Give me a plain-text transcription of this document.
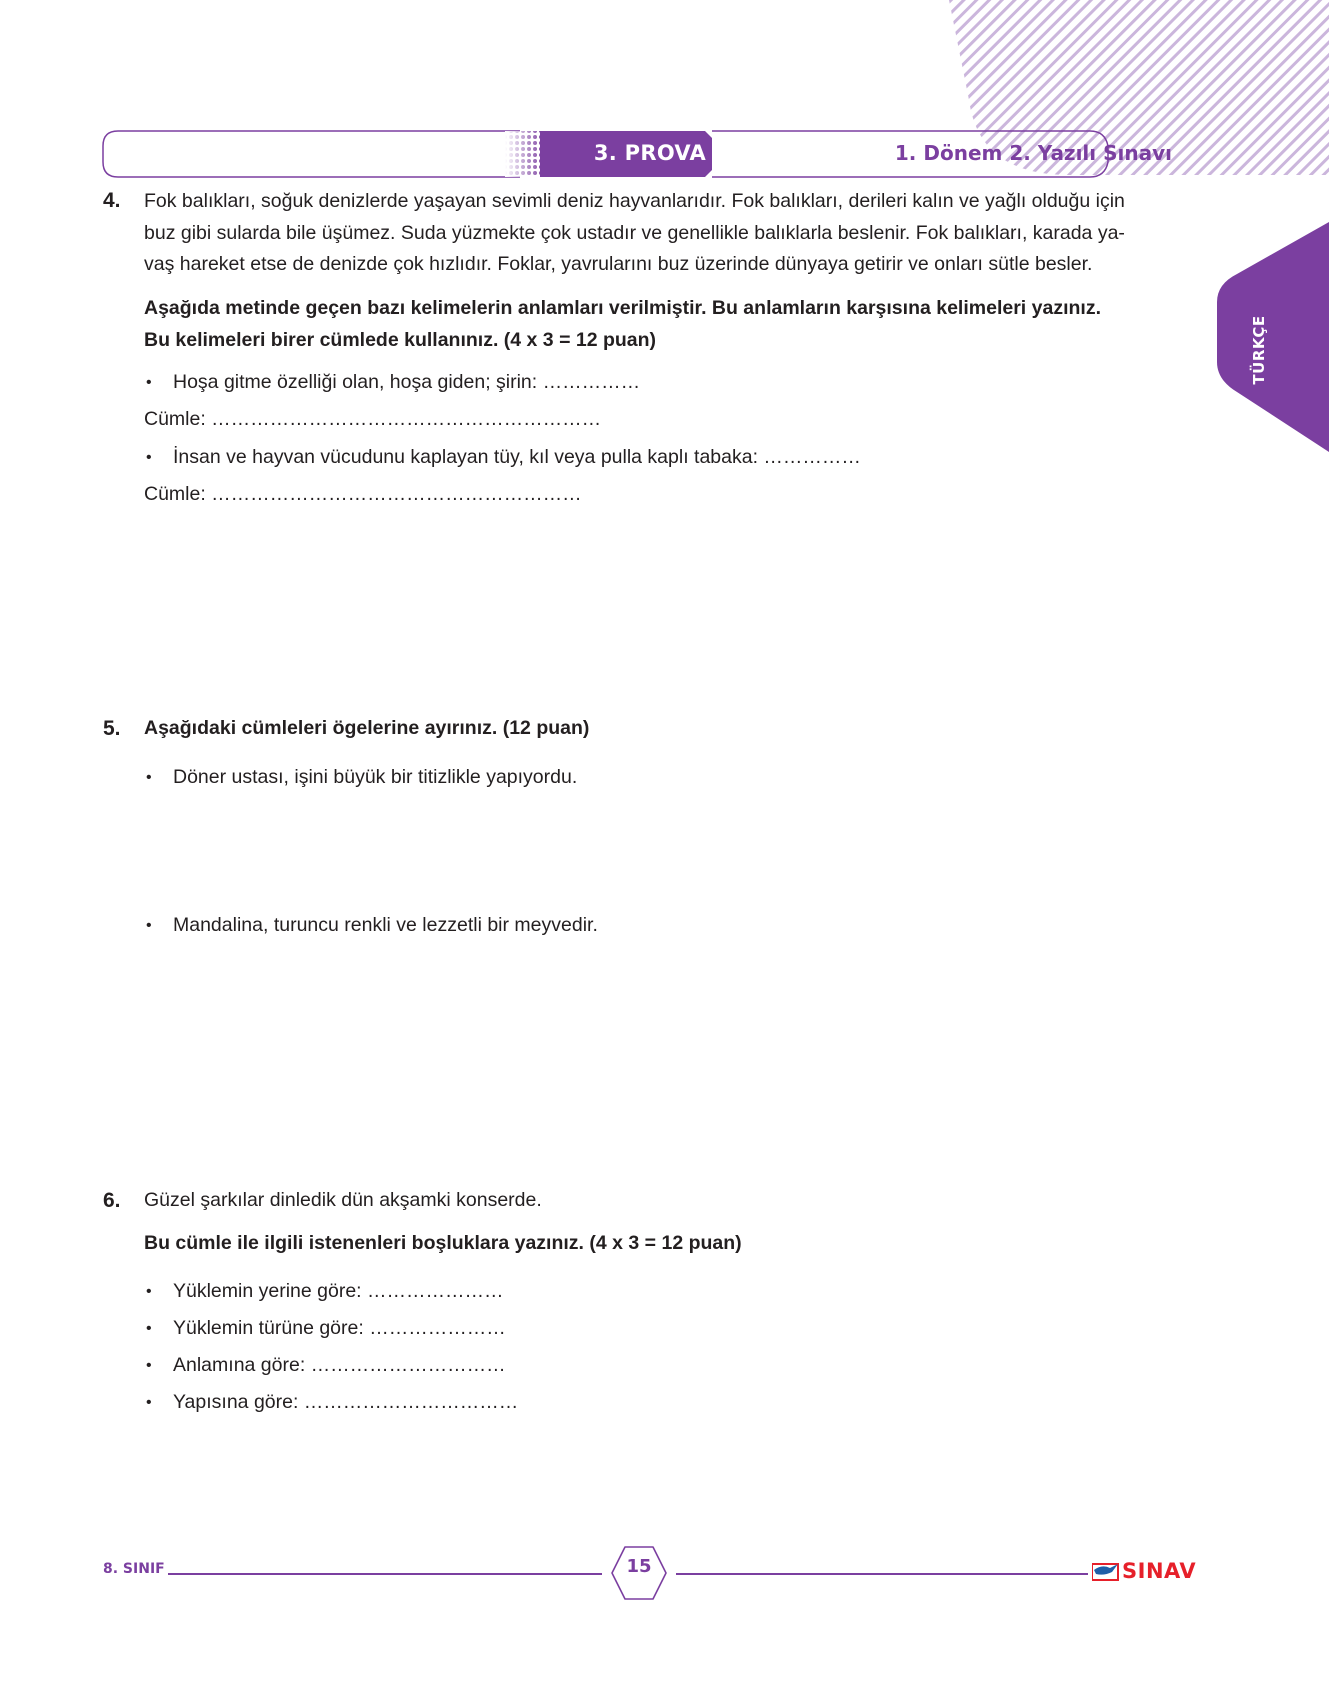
3. PROVA	1. Dönem 2. Yazılı Sınavı
TÜRKÇE
4. Fok balıkları, soğuk denizlerde yaşayan sevimli deniz hayvanlarıdır. Fok balıkları, derileri kalın ve yağlı olduğu için
buz gibi sularda bile üşümez. Suda yüzmekte çok ustadır ve genellikle balıklarla beslenir. Fok balıkları, karada ya-
vaş hareket etse de denizde çok hızlıdır. Foklar, yavrularını buz üzerinde dünyaya getirir ve onları sütle besler.
Aşağıda metinde geçen bazı kelimelerin anlamları verilmiştir. Bu anlamların karşısına kelimeleri yazınız.
Bu kelimeleri birer cümlede kullanınız. (4 x 3 = 12 puan)
• Hoşa gitme özelliği olan, hoşa giden; şirin: ……………
Cümle: ……………………………………………………
• İnsan ve hayvan vücudunu kaplayan tüy, kıl veya pulla kaplı tabaka: ……………
Cümle: …………………………………………………
5. Aşağıdaki cümleleri ögelerine ayırınız. (12 puan)
• Döner ustası, işini büyük bir titizlikle yapıyordu.
• Mandalina, turuncu renkli ve lezzetli bir meyvedir.
6. Güzel şarkılar dinledik dün akşamki konserde.
Bu cümle ile ilgili istenenleri boşluklara yazınız. (4 x 3 = 12 puan)
• Yüklemin yerine göre: …………………
• Yüklemin türüne göre: …………………
• Anlamına göre: …………………………
• Yapısına göre: ……………………………
8. SINIF	15	SINAV
